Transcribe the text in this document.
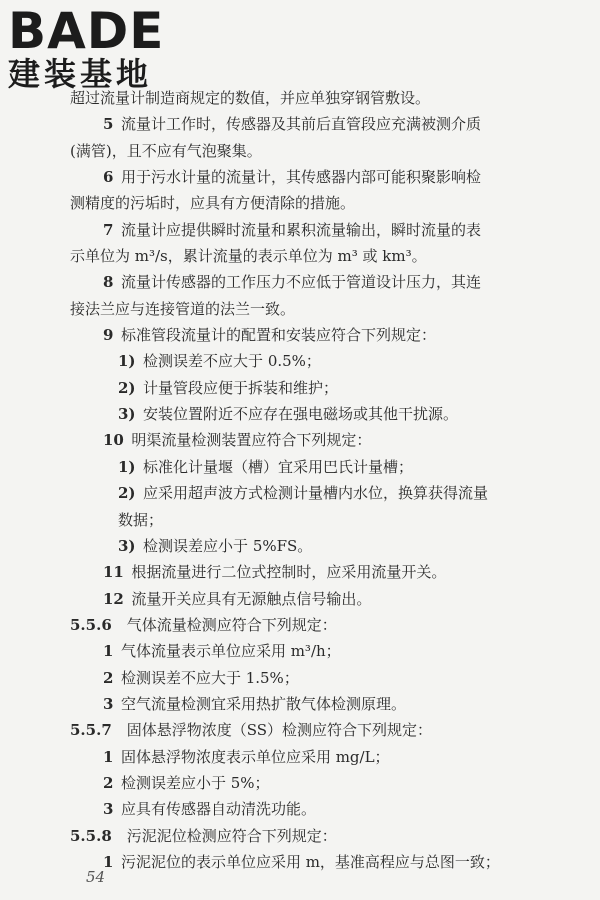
BADE
建装基地
超过流量计制造商规定的数值，并应单独穿钢管敷设。
5  流量计工作时，传感器及其前后直管段应充满被测介质
(满管)，且不应有气泡聚集。
6  用于污水计量的流量计，其传感器内部可能积聚影响检
测精度的污垢时，应具有方便清除的措施。
7  流量计应提供瞬时流量和累积流量输出，瞬时流量的表
示单位为 m³/s，累计流量的表示单位为 m³ 或 km³。
8  流量计传感器的工作压力不应低于管道设计压力，其连
接法兰应与连接管道的法兰一致。
9  标准管段流量计的配置和安装应符合下列规定：
1)  检测误差不应大于 0.5%；
2)  计量管段应便于拆装和维护；
3)  安装位置附近不应存在强电磁场或其他干扰源。
10  明渠流量检测装置应符合下列规定：
1)  标准化计量堰（槽）宜采用巴氏计量槽；
2)  应采用超声波方式检测计量槽内水位，换算获得流量
数据；
3)  检测误差应小于 5%FS。
11  根据流量进行二位式控制时，应采用流量开关。
12  流量开关应具有无源触点信号输出。
5.5.6  气体流量检测应符合下列规定：
1  气体流量表示单位应采用 m³/h；
2  检测误差不应大于 1.5%；
3  空气流量检测宜采用热扩散气体检测原理。
5.5.7  固体悬浮物浓度（SS）检测应符合下列规定：
1  固体悬浮物浓度表示单位应采用 mg/L；
2  检测误差应小于 5%；
3  应具有传感器自动清洗功能。
5.5.8  污泥泥位检测应符合下列规定：
1  污泥泥位的表示单位应采用 m，基准高程应与总图一致；
54
